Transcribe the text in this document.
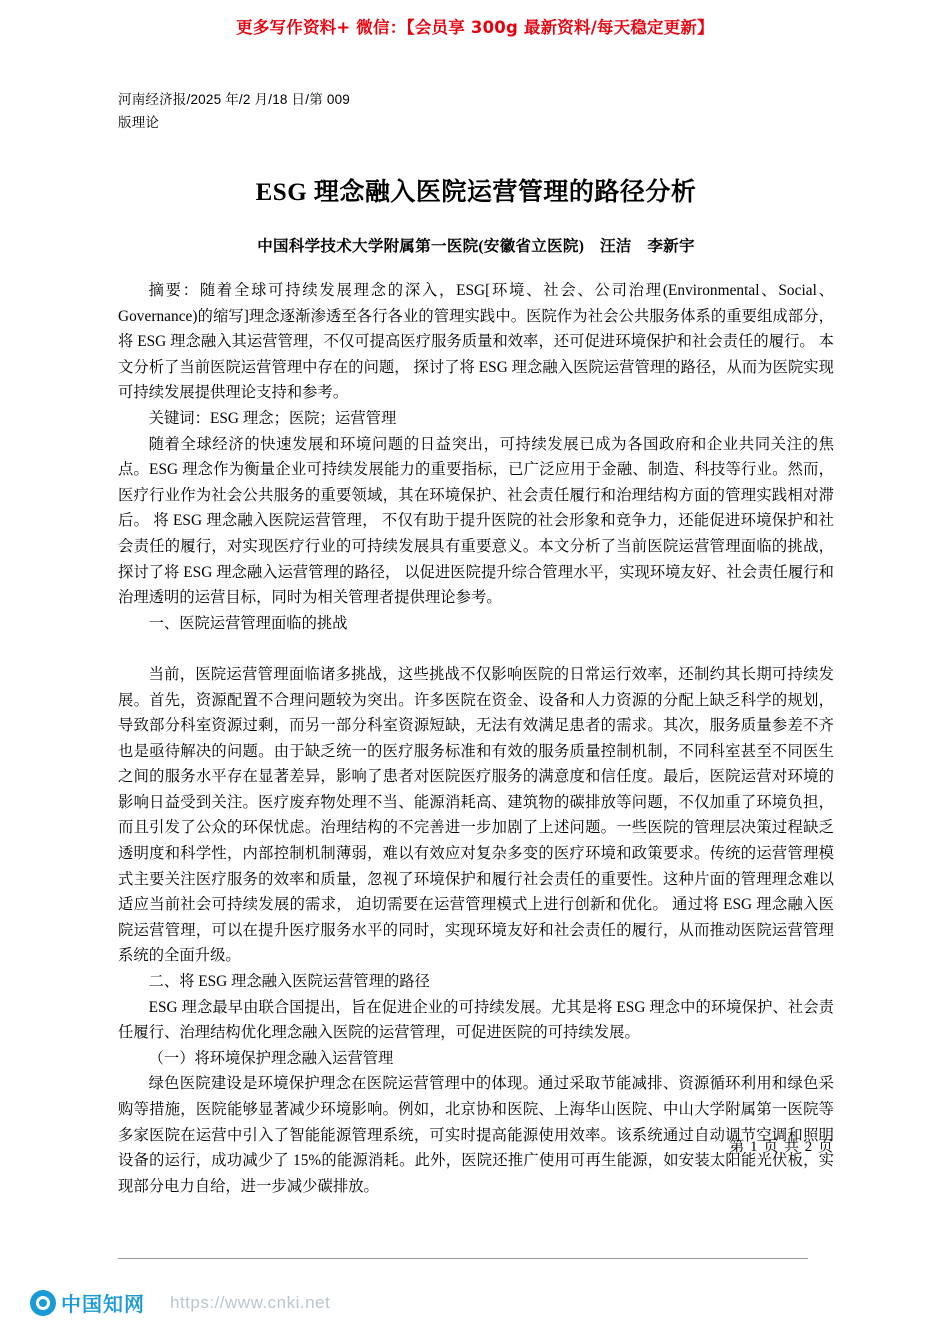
更多写作资料+ 微信：【会员享 300g 最新资料/每天稳定更新】
河南经济报/2025 年/2 月/18 日/第 009
版理论
ESG 理念融入医院运营管理的路径分析
中国科学技术大学附属第一医院(安徽省立医院)　汪洁　李新宇

摘要：随着全球可持续发展理念的深入，ESG[环境、社会、公司治理(Environmental、Social、Governance)的缩写]理念逐渐渗透至各行各业的管理实践中。医院作为社会公共服务体系的重要组成部分，将 ESG 理念融入其运营管理，不仅可提高医疗服务质量和效率，还可促进环境保护和社会责任的履行。 本文分析了当前医院运营管理中存在的问题， 探讨了将 ESG 理念融入医院运营管理的路径，从而为医院实现可持续发展提供理论支持和参考。

关键词：ESG 理念；医院；运营管理

随着全球经济的快速发展和环境问题的日益突出，可持续发展已成为各国政府和企业共同关注的焦点。ESG 理念作为衡量企业可持续发展能力的重要指标，已广泛应用于金融、制造、科技等行业。然而，医疗行业作为社会公共服务的重要领域，其在环境保护、社会责任履行和治理结构方面的管理实践相对滞后。 将 ESG 理念融入医院运营管理， 不仅有助于提升医院的社会形象和竞争力，还能促进环境保护和社会责任的履行，对实现医疗行业的可持续发展具有重要意义。本文分析了当前医院运营管理面临的挑战， 探讨了将 ESG 理念融入运营管理的路径， 以促进医院提升综合管理水平，实现环境友好、社会责任履行和治理透明的运营目标，同时为相关管理者提供理论参考。

一、医院运营管理面临的挑战

当前，医院运营管理面临诸多挑战，这些挑战不仅影响医院的日常运行效率，还制约其长期可持续发展。首先，资源配置不合理问题较为突出。许多医院在资金、设备和人力资源的分配上缺乏科学的规划，导致部分科室资源过剩，而另一部分科室资源短缺，无法有效满足患者的需求。其次，服务质量参差不齐也是亟待解决的问题。由于缺乏统一的医疗服务标准和有效的服务质量控制机制，不同科室甚至不同医生之间的服务水平存在显著差异，影响了患者对医院医疗服务的满意度和信任度。最后，医院运营对环境的影响日益受到关注。医疗废弃物处理不当、能源消耗高、建筑物的碳排放等问题，不仅加重了环境负担，而且引发了公众的环保忧虑。治理结构的不完善进一步加剧了上述问题。一些医院的管理层决策过程缺乏透明度和科学性，内部控制机制薄弱，难以有效应对复杂多变的医疗环境和政策要求。传统的运营管理模式主要关注医疗服务的效率和质量，忽视了环境保护和履行社会责任的重要性。这种片面的管理理念难以适应当前社会可持续发展的需求， 迫切需要在运营管理模式上进行创新和优化。 通过将 ESG 理念融入医院运营管理，可以在提升医疗服务水平的同时，实现环境友好和社会责任的履行，从而推动医院运营管理系统的全面升级。

二、将 ESG 理念融入医院运营管理的路径

ESG 理念最早由联合国提出，旨在促进企业的可持续发展。尤其是将 ESG 理念中的环境保护、社会责任履行、治理结构优化理念融入医院的运营管理，可促进医院的可持续发展。

（一）将环境保护理念融入运营管理

绿色医院建设是环境保护理念在医院运营管理中的体现。通过采取节能减排、资源循环利用和绿色采购等措施，医院能够显著减少环境影响。例如，北京协和医院、上海华山医院、中山大学附属第一医院等多家医院在运营中引入了智能能源管理系统，可实时提高能源使用效率。该系统通过自动调节空调和照明设备的运行，成功减少了 15%的能源消耗。此外，医院还推广使用可再生能源，如安装太阳能光伏板，实现部分电力自给，进一步减少碳排放。

第 1 页 共 2 页
中国知网 https://www.cnki.net
